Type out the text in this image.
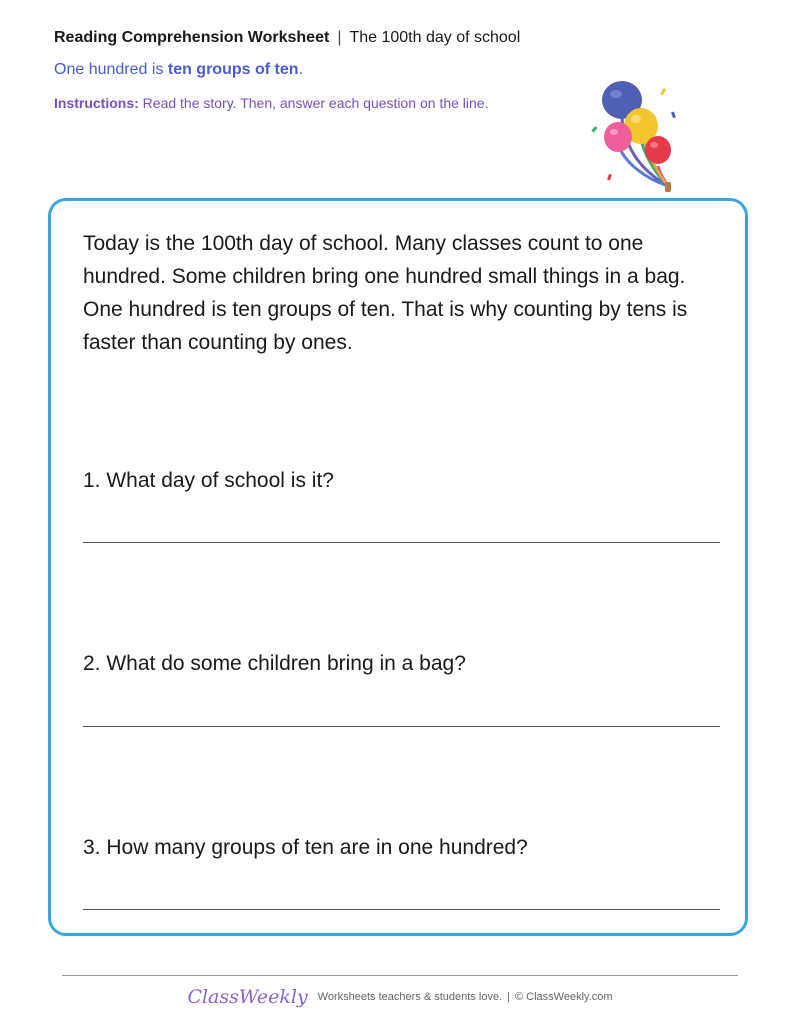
Reading Comprehension Worksheet | The 100th day of school
One hundred is ten groups of ten.
Instructions: Read the story. Then, answer each question on the line.
Today is the 100th day of school. Many classes count to one hundred. Some children bring one hundred small things in a bag. One hundred is ten groups of ten. That is why counting by tens is faster than counting by ones.
1. What day of school is it?
2. What do some children bring in a bag?
3. How many groups of ten are in one hundred?
ClassWeekly Worksheets teachers & students love. | © ClassWeekly.com
